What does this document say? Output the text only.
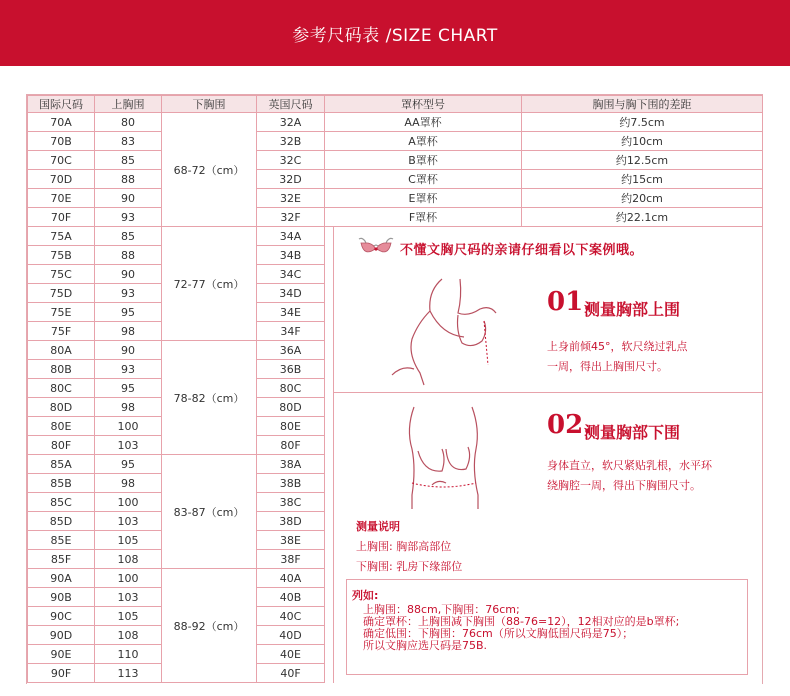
参考尺码表 /SIZE CHART
国际尺码	上胸围	下胸围	英国尺码	罩杯型号	胸围与胸下围的差距
70A	80	68-72（cm）	32A	AA罩杯	约7.5cm
70B	83		32B	A罩杯	约10cm
70C	85		32C	B罩杯	约12.5cm
70D	88		32D	C罩杯	约15cm
70E	90		32E	E罩杯	约20cm
70F	93		32F	F罩杯	约22.1cm
75A	85	72-77（cm）	34A		
75B	88		34B		
75C	90		34C		
75D	93		34D		
75E	95		34E		
75F	98		34F		
80A	90	78-82（cm）	36A		
80B	93		36B		
80C	95		80C		
80D	98		80D		
80E	100		80E		
80F	103		80F		
85A	95	83-87（cm）	38A		
85B	98		38B		
85C	100		38C		
85D	103		38D		
85E	105		38E		
85F	108		38F		
90A	100	88-92（cm）	40A		
90B	103		40B		
90C	105		40C		
90D	108		40D		
90E	110		40E		
90F	113		40F		
不懂文胸尺码的亲请仔细看以下案例哦。
01.
测量胸部上围
上身前倾45°，软尺绕过乳点
一周，得出上胸围尺寸。
02.
测量胸部下围
身体直立，软尺紧贴乳根，水平环
绕胸腔一周，得出下胸围尺寸。
测量说明
上胸围: 胸部高部位
下胸围: 乳房下缘部位
列如:
上胸围：88cm,下胸围：76cm;
确定罩杯：上胸围减下胸围（88-76=12），12相对应的是b罩杯;
确定低围：下胸围：76cm（所以文胸低围尺码是75）；
所以文胸应选尺码是75B.
